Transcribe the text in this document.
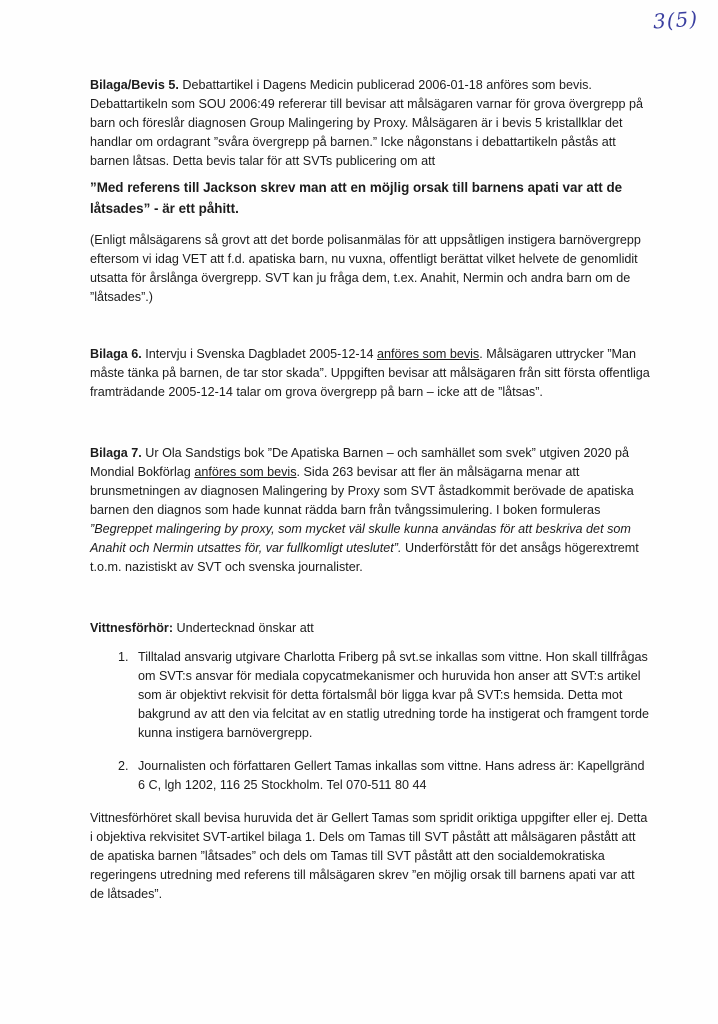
3(5)

Bilaga/Bevis 5. Debattartikel i Dagens Medicin publicerad 2006-01-18 anföres som bevis. Debattartikeln som SOU 2006:49 refererar till bevisar att målsägaren varnar för grova övergrepp på barn och föreslår diagnosen Group Malingering by Proxy. Målsägaren är i bevis 5 kristallklar det handlar om ordagrant ”svåra övergrepp på barnen.” Icke någonstans i debattartikeln påstås att barnen låtsas. Detta bevis talar för att SVTs publicering om att

”Med referens till Jackson skrev man att en möjlig orsak till barnens apati var att de låtsades” - är ett påhitt.

(Enligt målsägarens så grovt att det borde polisanmälas för att uppsåtligen instigera barnövergrepp eftersom vi idag VET att f.d. apatiska barn, nu vuxna, offentligt berättat vilket helvete de genomlidit utsatta för årslånga övergrepp. SVT kan ju fråga dem, t.ex. Anahit, Nermin och andra barn om de ”låtsades”.)

Bilaga 6. Intervju i Svenska Dagbladet 2005-12-14 anföres som bevis. Målsägaren uttrycker ”Man måste tänka på barnen, de tar stor skada”. Uppgiften bevisar att målsägaren från sitt första offentliga framträdande 2005-12-14 talar om grova övergrepp på barn – icke att de ”låtsas”.

Bilaga 7. Ur Ola Sandstigs bok ”De Apatiska Barnen – och samhället som svek” utgiven 2020 på Mondial Bokförlag anföres som bevis. Sida 263 bevisar att fler än målsägarna menar att brunsmetningen av diagnosen Malingering by Proxy som SVT åstadkommit berövade de apatiska barnen den diagnos som hade kunnat rädda barn från tvångssimulering. I boken formuleras ”Begreppet malingering by proxy, som mycket väl skulle kunna användas för att beskriva det som Anahit och Nermin utsattes för, var fullkomligt uteslutet”. Underförstått för det ansågs högerextremt t.o.m. nazistiskt av SVT och svenska journalister.

Vittnesförhör: Undertecknad önskar att

1. Tilltalad ansvarig utgivare Charlotta Friberg på svt.se inkallas som vittne. Hon skall tillfrågas om SVT:s ansvar för mediala copycatmekanismer och huruvida hon anser att SVT:s artikel som är objektivt rekvisit för detta förtalsmål bör ligga kvar på SVT:s hemsida. Detta mot bakgrund av att den via felcitat av en statlig utredning torde ha instigerat och framgent torde kunna instigera barnövergrepp.
2. Journalisten och författaren Gellert Tamas inkallas som vittne. Hans adress är: Kapellgränd 6 C, lgh 1202, 116 25 Stockholm. Tel 070-511 80 44

Vittnesförhöret skall bevisa huruvida det är Gellert Tamas som spridit oriktiga uppgifter eller ej. Detta i objektiva rekvisitet SVT-artikel bilaga 1. Dels om Tamas till SVT påstått att målsägaren påstått att de apatiska barnen ”låtsades” och dels om Tamas till SVT påstått att den socialdemokratiska regeringens utredning med referens till målsägaren skrev ”en möjlig orsak till barnens apati var att de låtsades”.
